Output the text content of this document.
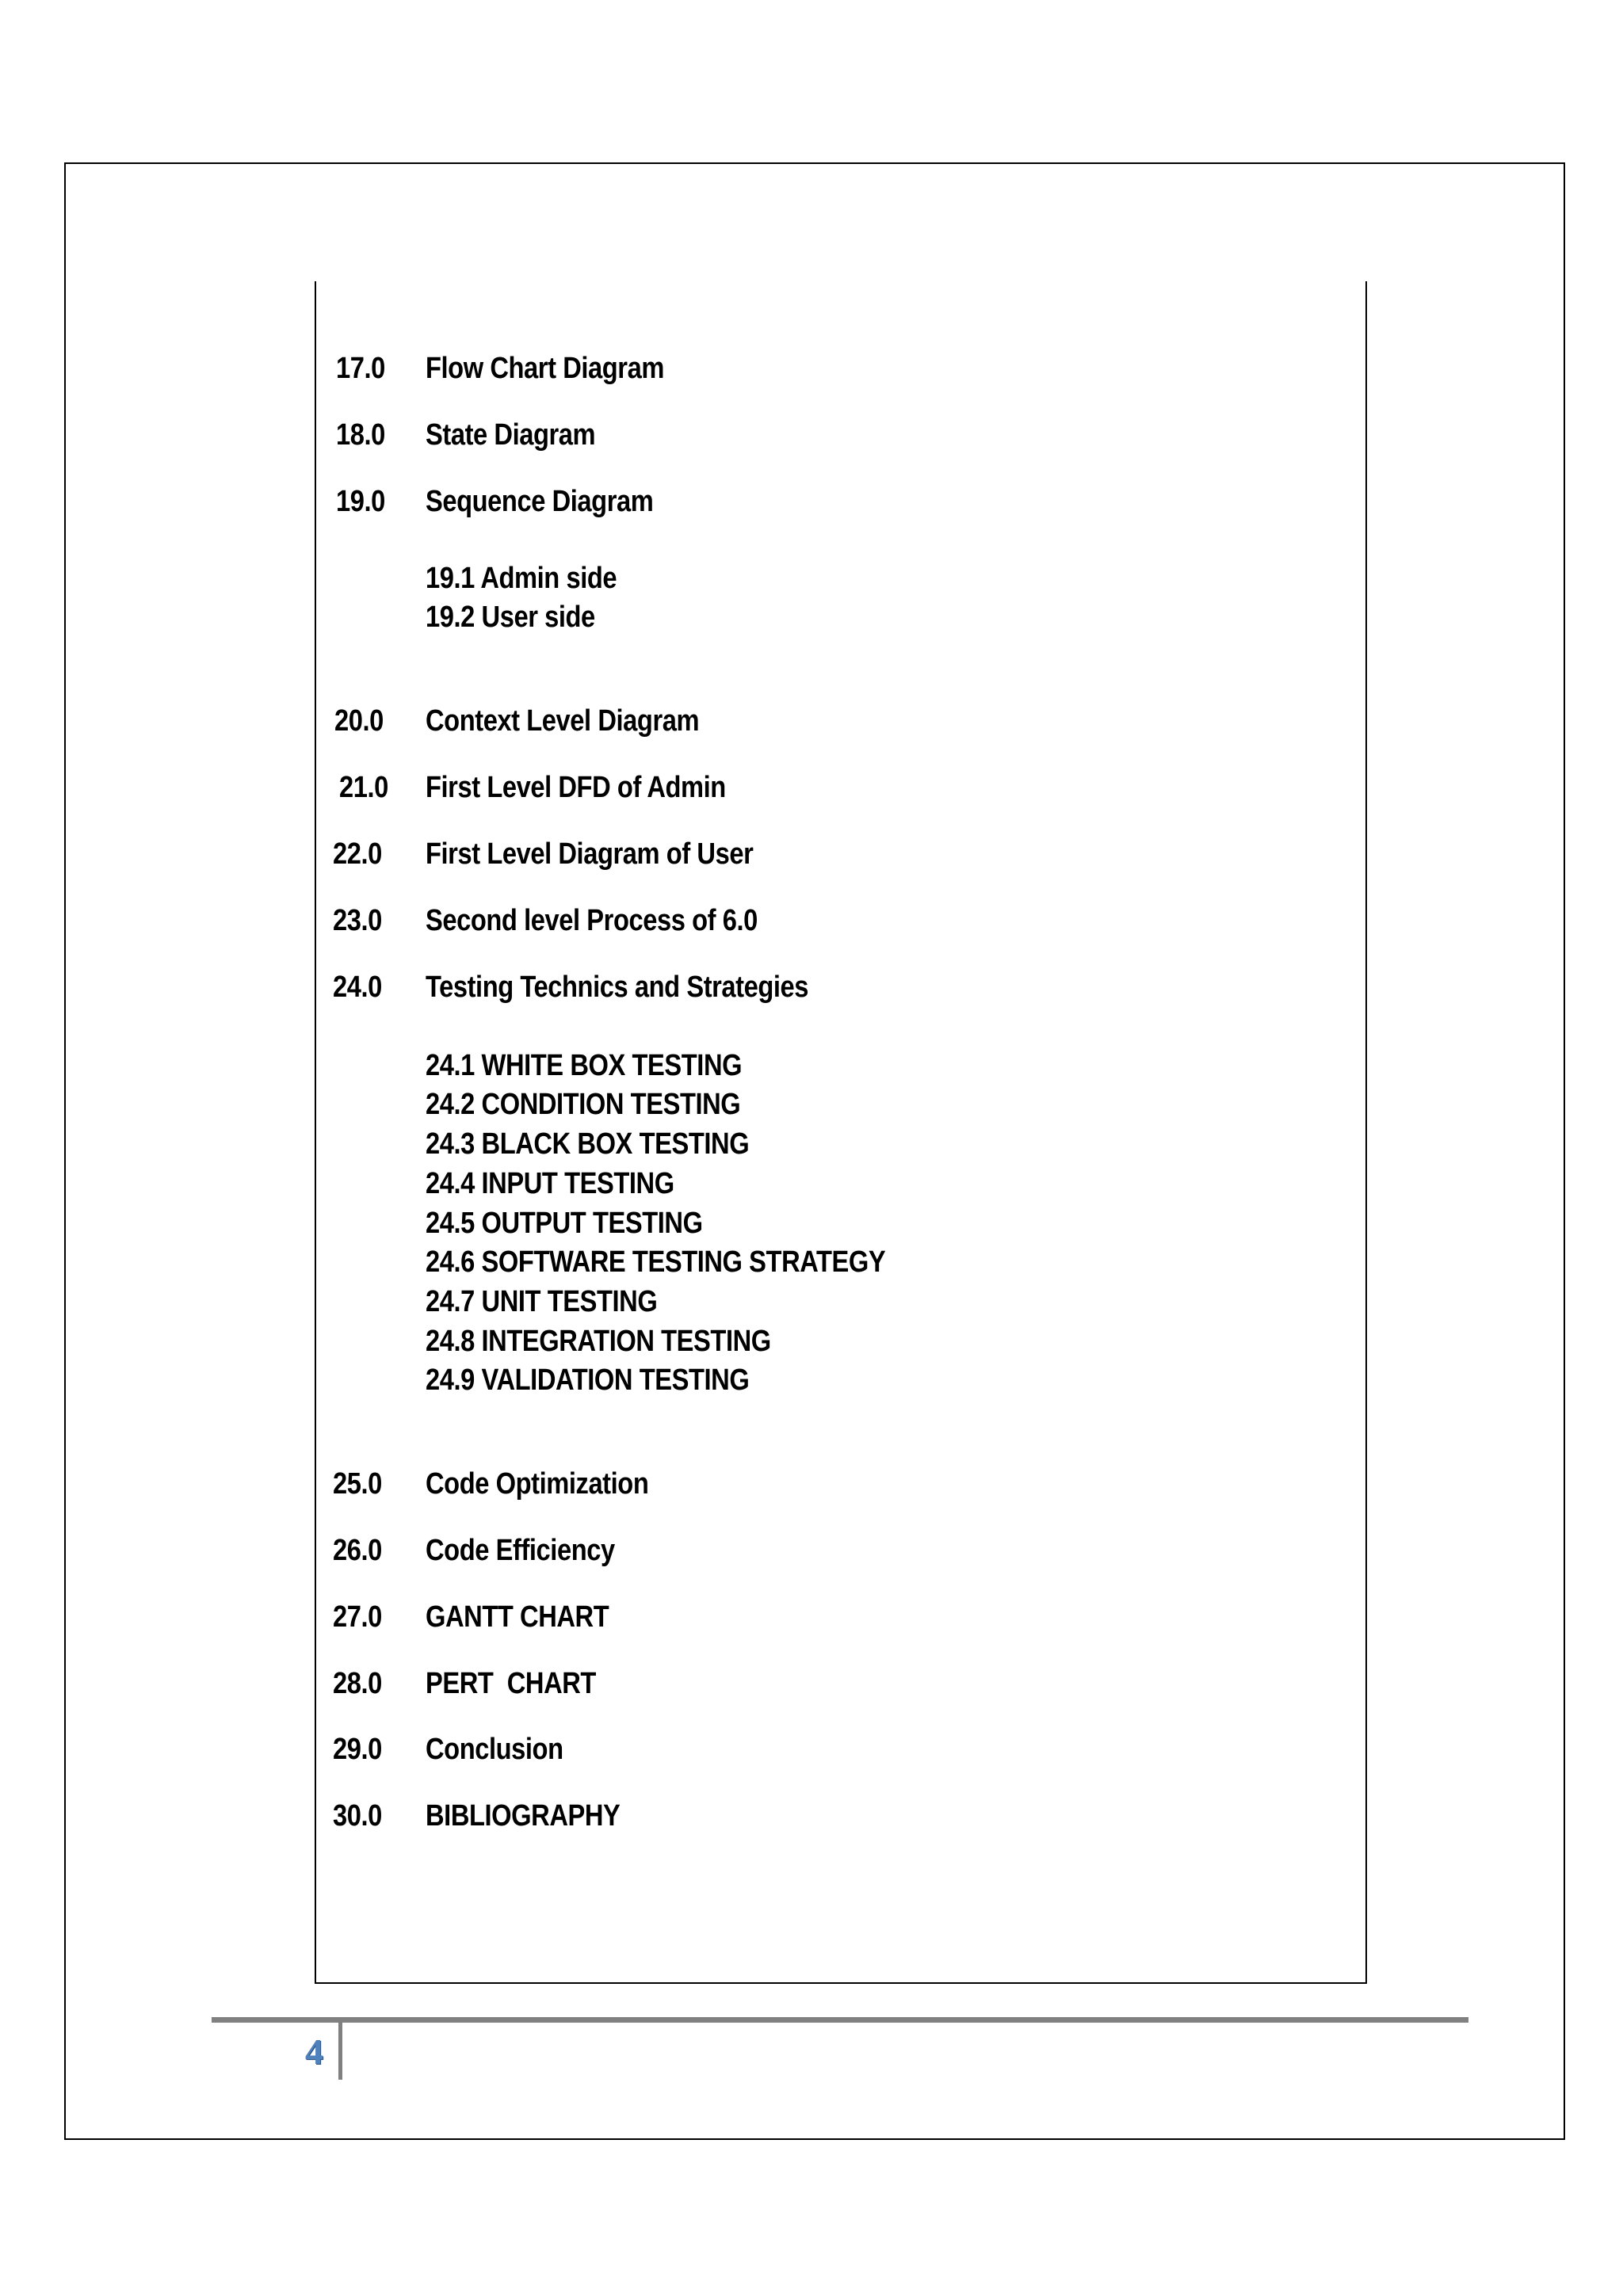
17.0 Flow Chart Diagram
18.0 State Diagram
19.0 Sequence Diagram
19.1 Admin side
19.2 User side
20.0 Context Level Diagram
21.0 First Level DFD of Admin
22.0 First Level Diagram of User
23.0 Second level Process of 6.0
24.0 Testing Technics and Strategies
24.1 WHITE BOX TESTING
24.2 CONDITION TESTING
24.3 BLACK BOX TESTING
24.4 INPUT TESTING
24.5 OUTPUT TESTING
24.6 SOFTWARE TESTING STRATEGY
24.7 UNIT TESTING
24.8 INTEGRATION TESTING
24.9 VALIDATION TESTING
25.0 Code Optimization
26.0 Code Efficiency
27.0 GANTT CHART
28.0 PERT  CHART
29.0 Conclusion
30.0 BIBLIOGRAPHY
4
